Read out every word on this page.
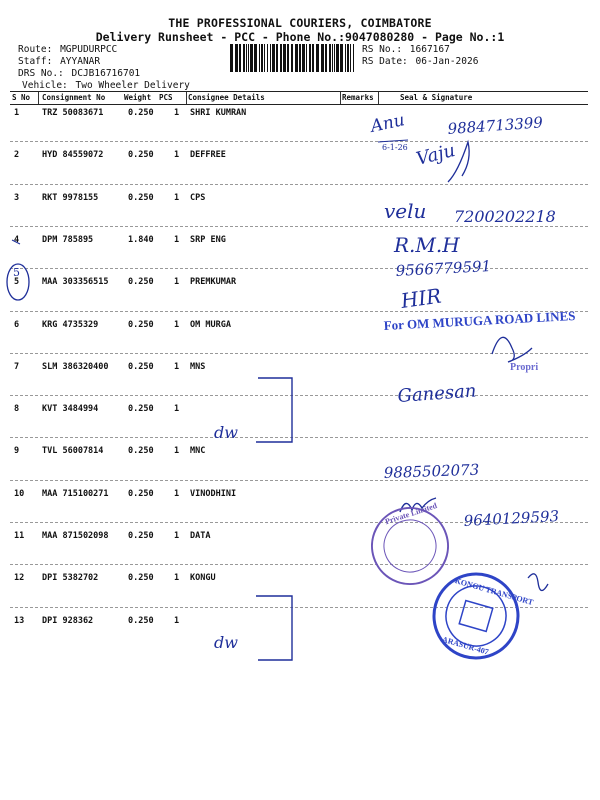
THE PROFESSIONAL COURIERS, COIMBATORE
Delivery Runsheet - PCC - Phone No.:9047080280 - Page No.:1
Route: MGPUDURPCC
Staff: AYYANAR
DRS No.: DCJB16716701
Vehicle: Two Wheeler Delivery
RS No.: 1667167
RS Date: 06-Jan-2026
S No Consignment No	Weight PCS Consignee Details	Remarks	Seal & Signature
1	TRZ 50083671	0.250 1 SHRI KUMRAN
2	HYD 84559072	0.250 1 DEFFREE
3	RKT 9978155	0.250 1 CPS
4	DPM 785895	1.840 1 SRP ENG
5	MAA 303356515 0.250 1 PREMKUMAR
6	KRG 4735329	0.250 1 OM MURGA
7	SLM 386320400 0.250 1 MNS
8	KVT 3484994	0.250 1
9	TVL 56007814	0.250 1 MNC
10 MAA 715100271 0.250 1 VINODHINI
11 MAA 871502098 0.250 1 DATA
12 DPI 5382702	0.250 1 KONGU
13 DPI 928362	0.250 1
5
Anu
6-1-26
9884713399
Vaju
velu 7200202218
R.M.H
9566779591
HIR
For OM MURUGA ROAD LINES
Propri
Ganesan
dw
9885502073
9640129593
Private Limited
KONGU TRANSPORT
ARASUR-407
dw
